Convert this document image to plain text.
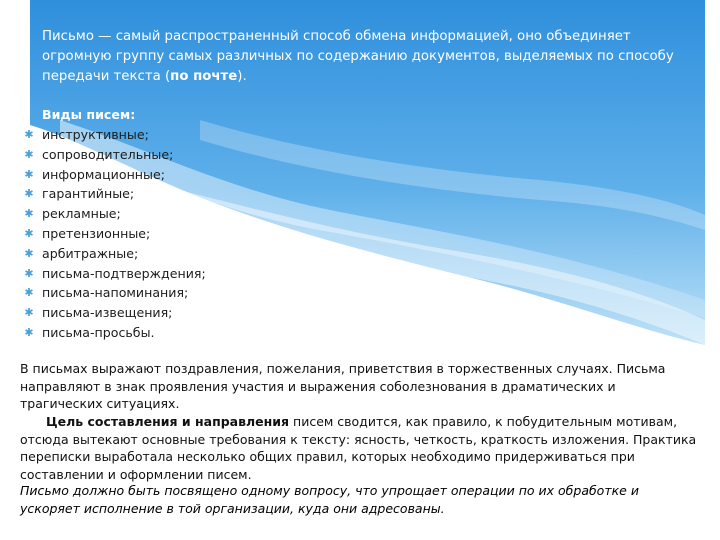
Письмо — самый распространенный способ обмена информацией, оно объединяет огромную группу самых различных по содержанию документов, выделяемых по способу передачи текста (по почте).

Виды писем:

✱ инструктивные;
✱ сопроводительные;
✱ информационные;
✱ гарантийные;
✱ рекламные;
✱ претензионные;
✱ арбитражные;
✱ письма-подтверждения;
✱ письма-напоминания;
✱ письма-извещения;
✱ письма-просьбы.

В письмах выражают поздравления, пожелания, приветствия в торжественных случаях. Письма направляют в знак проявления участия и выражения соболезнования в драматических и трагических ситуациях.

Цель составления и направления писем сводится, как правило, к побудительным мотивам, отсюда вытекают основные требования к тексту: ясность, четкость, краткость изложения. Практика переписки выработала несколько общих правил, которых необходимо придерживаться при составлении и оформлении писем.

Письмо должно быть посвящено одному вопросу, что упрощает операции по их обработке и ускоряет исполнение в той организации, куда они адресованы.
